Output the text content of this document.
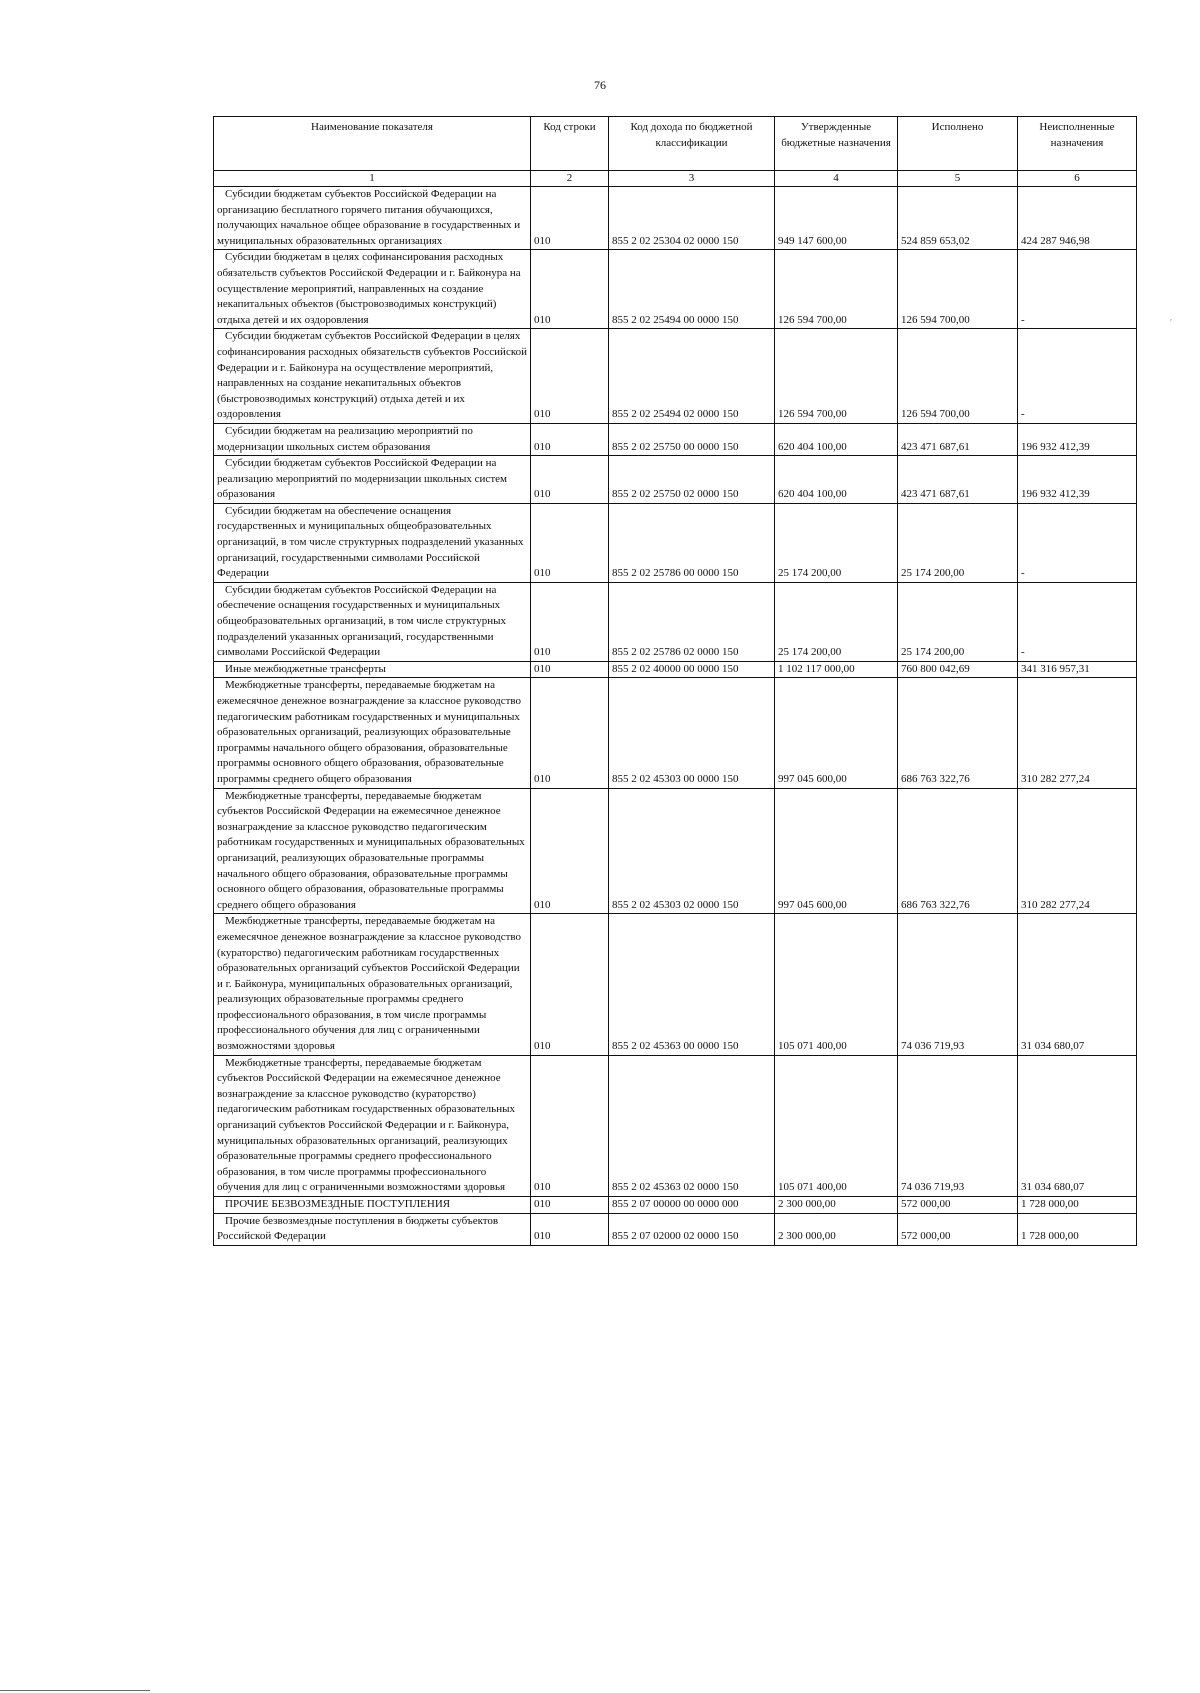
76
Наименование показателя	Код строки	Код дохода по бюджетной классификации	Утвержденные бюджетные назначения	Исполнено	Неисполненные назначения
1	2	3	4	5	6
Субсидии бюджетам субъектов Российской Федерации на организацию бесплатного горячего питания обучающихся, получающих начальное общее образование в государственных и муниципальных образовательных организациях	010	855 2 02 25304 02 0000 150	949 147 600,00	524 859 653,02	424 287 946,98
Субсидии бюджетам в целях софинансирования расходных обязательств субъектов Российской Федерации и г. Байконура на осуществление мероприятий, направленных на создание некапитальных объектов (быстровозводимых конструкций) отдыха детей и их оздоровления	010	855 2 02 25494 00 0000 150	126 594 700,00	126 594 700,00	-
Субсидии бюджетам субъектов Российской Федерации в целях софинансирования расходных обязательств субъектов Российской Федерации и г. Байконура на осуществление мероприятий, направленных на создание некапитальных объектов (быстровозводимых конструкций) отдыха детей и их оздоровления	010	855 2 02 25494 02 0000 150	126 594 700,00	126 594 700,00	-
Субсидии бюджетам на реализацию мероприятий по модернизации школьных систем образования	010	855 2 02 25750 00 0000 150	620 404 100,00	423 471 687,61	196 932 412,39
Субсидии бюджетам субъектов Российской Федерации на реализацию мероприятий по модернизации школьных систем образования	010	855 2 02 25750 02 0000 150	620 404 100,00	423 471 687,61	196 932 412,39
Субсидии бюджетам на обеспечение оснащения государственных и муниципальных общеобразовательных организаций, в том числе структурных подразделений указанных организаций, государственными символами Российской Федерации	010	855 2 02 25786 00 0000 150	25 174 200,00	25 174 200,00	-
Субсидии бюджетам субъектов Российской Федерации на обеспечение оснащения государственных и муниципальных общеобразовательных организаций, в том числе структурных подразделений указанных организаций, государственными символами Российской Федерации	010	855 2 02 25786 02 0000 150	25 174 200,00	25 174 200,00	-
Иные межбюджетные трансферты	010	855 2 02 40000 00 0000 150	1 102 117 000,00	760 800 042,69	341 316 957,31
Межбюджетные трансферты, передаваемые бюджетам на ежемесячное денежное вознаграждение за классное руководство педагогическим работникам государственных и муниципальных образовательных организаций, реализующих образовательные программы начального общего образования, образовательные программы основного общего образования, образовательные программы среднего общего образования	010	855 2 02 45303 00 0000 150	997 045 600,00	686 763 322,76	310 282 277,24
Межбюджетные трансферты, передаваемые бюджетам субъектов Российской Федерации на ежемесячное денежное вознаграждение за классное руководство педагогическим работникам государственных и муниципальных образовательных организаций, реализующих образовательные программы начального общего образования, образовательные программы основного общего образования, образовательные программы среднего общего образования	010	855 2 02 45303 02 0000 150	997 045 600,00	686 763 322,76	310 282 277,24
Межбюджетные трансферты, передаваемые бюджетам на ежемесячное денежное вознаграждение за классное руководство (кураторство) педагогическим работникам государственных образовательных организаций субъектов Российской Федерации и г. Байконура, муниципальных образовательных организаций, реализующих образовательные программы среднего профессионального образования, в том числе программы профессионального обучения для лиц с ограниченными возможностями здоровья	010	855 2 02 45363 00 0000 150	105 071 400,00	74 036 719,93	31 034 680,07
Межбюджетные трансферты, передаваемые бюджетам субъектов Российской Федерации на ежемесячное денежное вознаграждение за классное руководство (кураторство) педагогическим работникам государственных образовательных организаций субъектов Российской Федерации и г. Байконура, муниципальных образовательных организаций, реализующих образовательные программы среднего профессионального образования, в том числе программы профессионального обучения для лиц с ограниченными возможностями здоровья	010	855 2 02 45363 02 0000 150	105 071 400,00	74 036 719,93	31 034 680,07
ПРОЧИЕ БЕЗВОЗМЕЗДНЫЕ ПОСТУПЛЕНИЯ	010	855 2 07 00000 00 0000 000	2 300 000,00	572 000,00	1 728 000,00
Прочие безвозмездные поступления в бюджеты субъектов Российской Федерации	010	855 2 07 02000 02 0000 150	2 300 000,00	572 000,00	1 728 000,00
'
